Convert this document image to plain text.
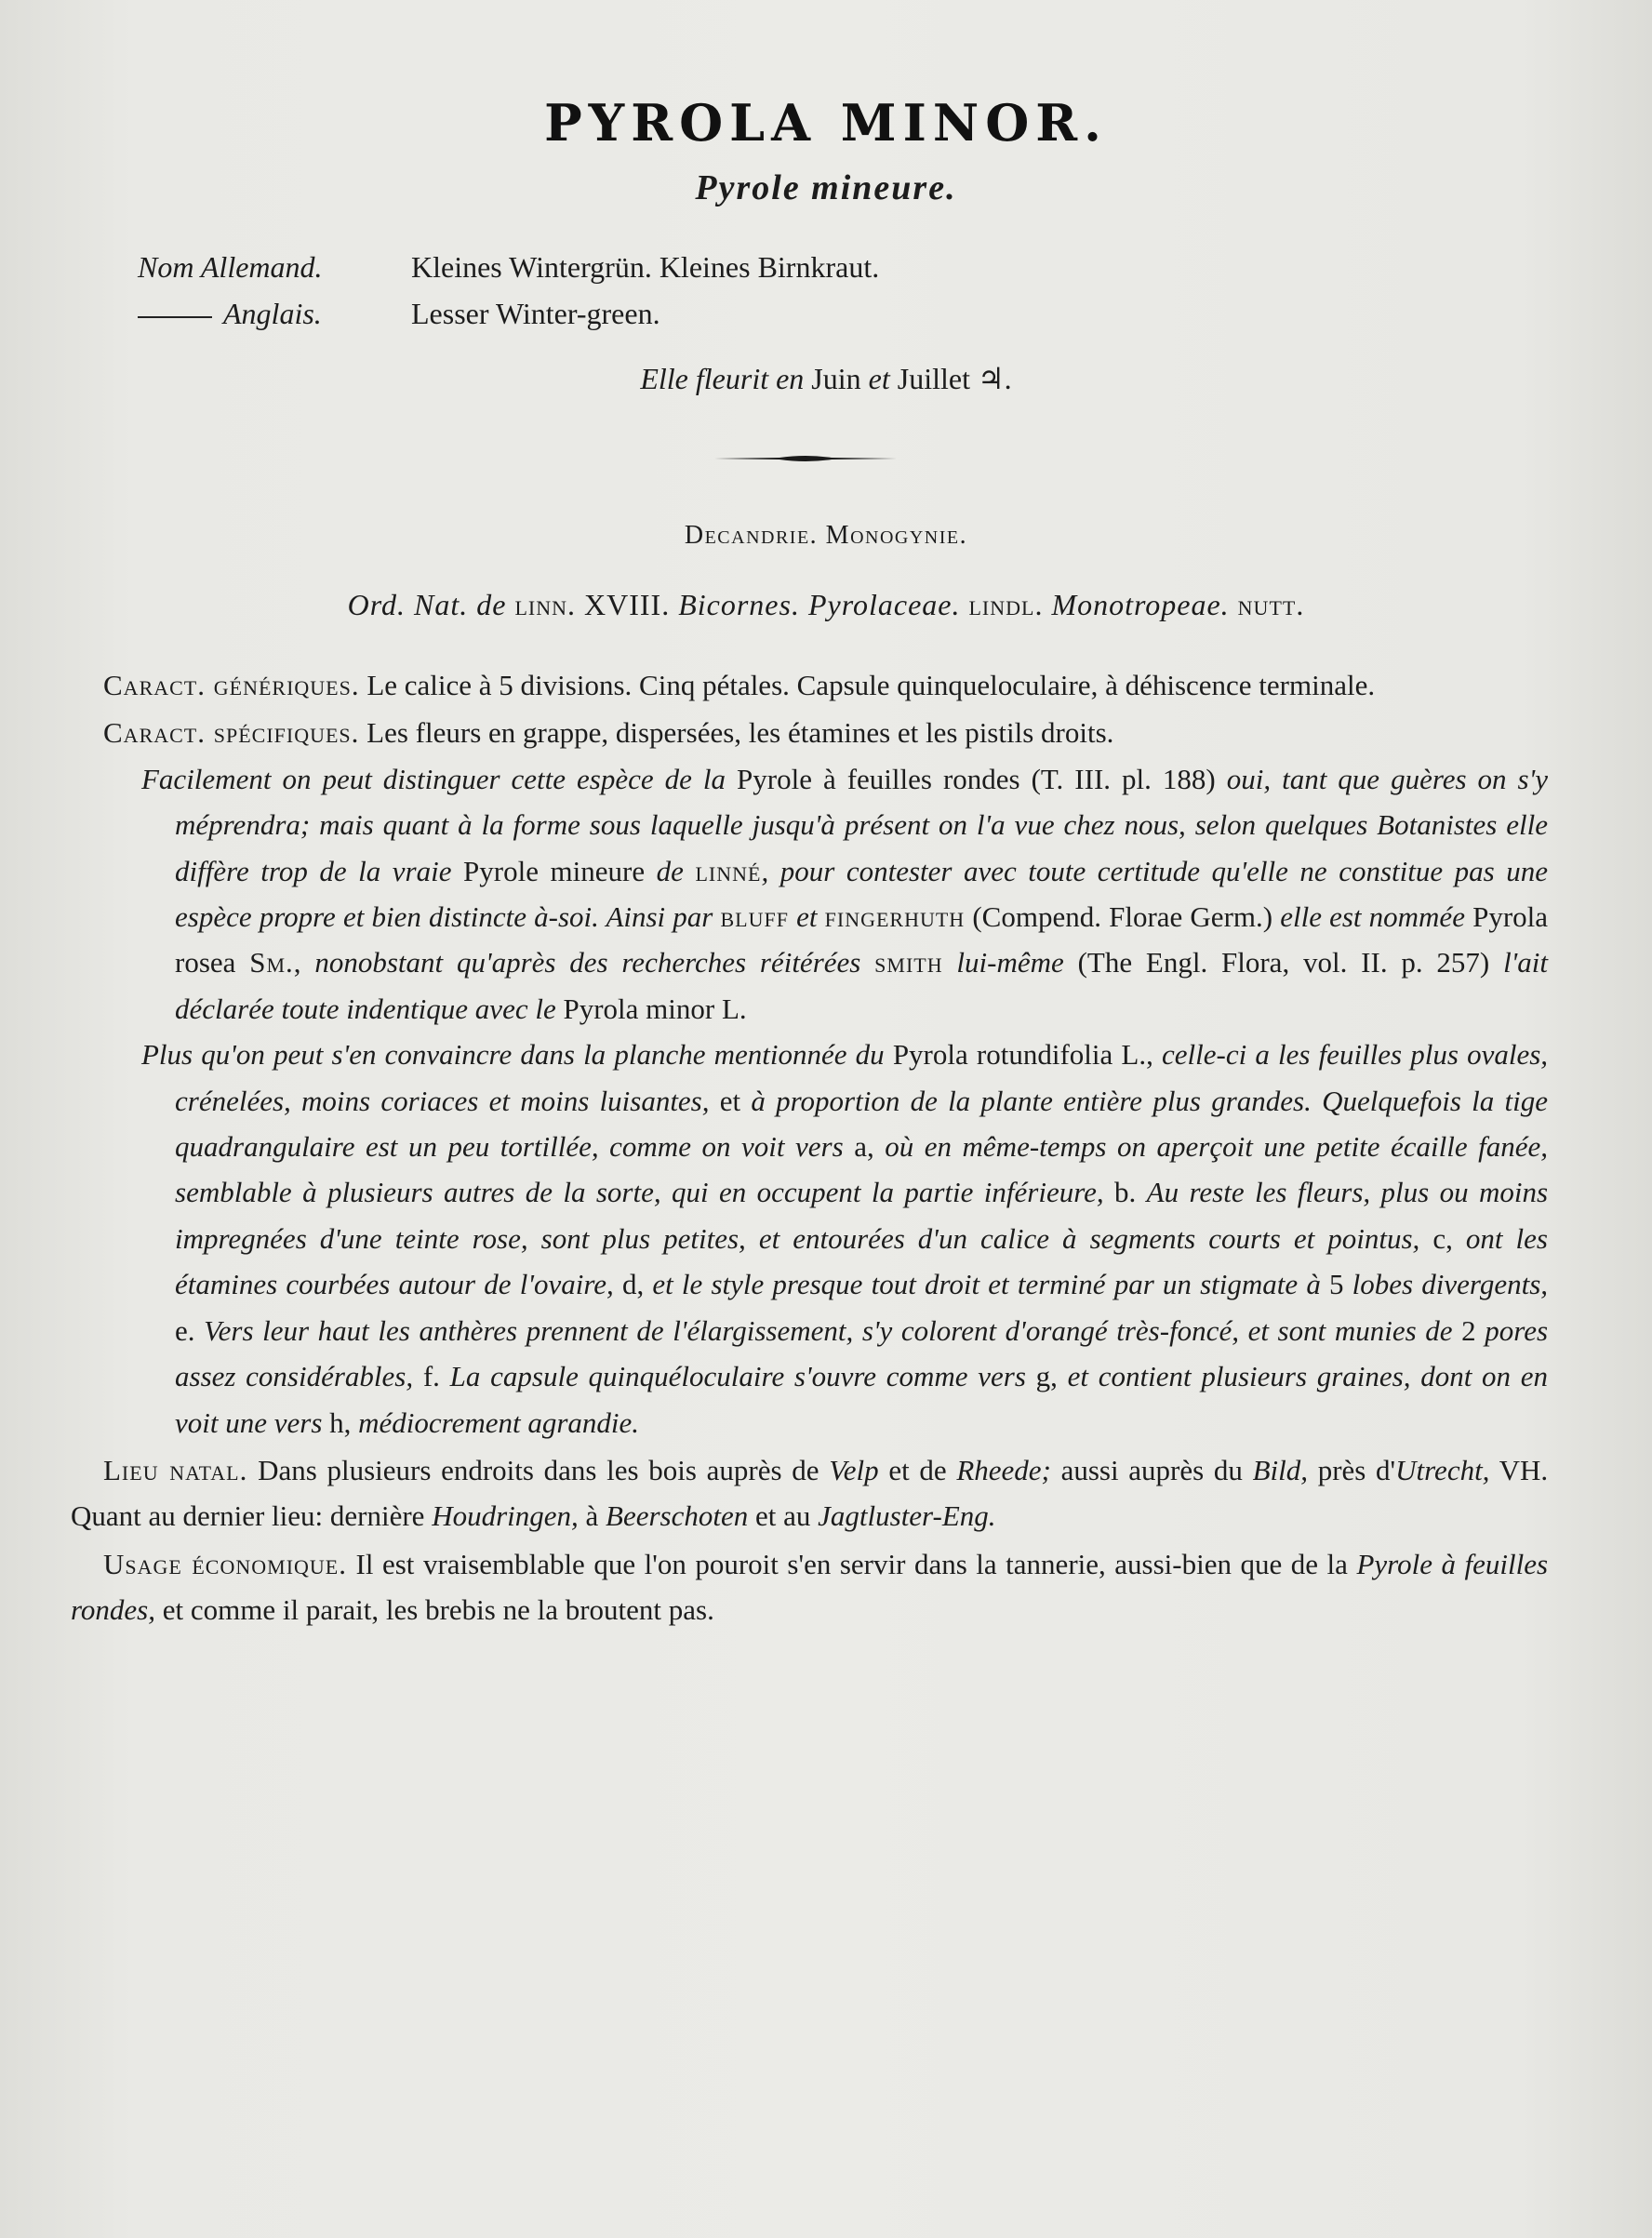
PYROLA MINOR.
Pyrole mineure.
Nom Allemand.	Kleines Wintergrün. Kleines Birnkraut.
Anglais.	Lesser Winter-green.
Elle fleurit en Juin et Juillet ♃.
Decandrie. Monogynie.
Ord. Nat. de linn. XVIII. Bicornes. Pyrolaceae. lindl. Monotropeae. nutt.

Caract. génériques. Le calice à 5 divisions. Cinq pétales. Capsule quinqueloculaire, à déhiscence terminale.

Caract. spécifiques. Les fleurs en grappe, dispersées, les étamines et les pistils droits.

Facilement on peut distinguer cette espèce de la Pyrole à feuilles rondes (T. III. pl. 188) oui, tant que guères on s'y méprendra; mais quant à la forme sous laquelle jusqu'à présent on l'a vue chez nous, selon quelques Botanistes elle diffère trop de la vraie Pyrole mineure de linné, pour contester avec toute certitude qu'elle ne constitue pas une espèce propre et bien distincte à-soi. Ainsi par bluff et fingerhuth (Compend. Florae Germ.) elle est nommée Pyrola rosea Sm., nonobstant qu'après des recherches réitérées smith lui-même (The Engl. Flora, vol. II. p. 257) l'ait déclarée toute indentique avec le Pyrola minor L.

Plus qu'on peut s'en convaincre dans la planche mentionnée du Pyrola rotundifolia L., celle-ci a les feuilles plus ovales, crénelées, moins coriaces et moins luisantes, et à proportion de la plante entière plus grandes. Quelquefois la tige quadrangulaire est un peu tortillée, comme on voit vers a, où en même-temps on aperçoit une petite écaille fanée, semblable à plusieurs autres de la sorte, qui en occupent la partie inférieure, b. Au reste les fleurs, plus ou moins impregnées d'une teinte rose, sont plus petites, et entourées d'un calice à segments courts et pointus, c, ont les étamines courbées autour de l'ovaire, d, et le style presque tout droit et terminé par un stigmate à 5 lobes divergents, e. Vers leur haut les anthères prennent de l'élargissement, s'y colorent d'orangé très-foncé, et sont munies de 2 pores assez considérables, f. La capsule quinquéloculaire s'ouvre comme vers g, et contient plusieurs graines, dont on en voit une vers h, médiocrement agrandie.

Lieu natal. Dans plusieurs endroits dans les bois auprès de Velp et de Rheede; aussi auprès du Bild, près d'Utrecht, VH. Quant au dernier lieu: dernière Houdringen, à Beerschoten et au Jagtluster-Eng.

Usage économique. Il est vraisemblable que l'on pouroit s'en servir dans la tannerie, aussi-bien que de la Pyrole à feuilles rondes, et comme il parait, les brebis ne la broutent pas.
